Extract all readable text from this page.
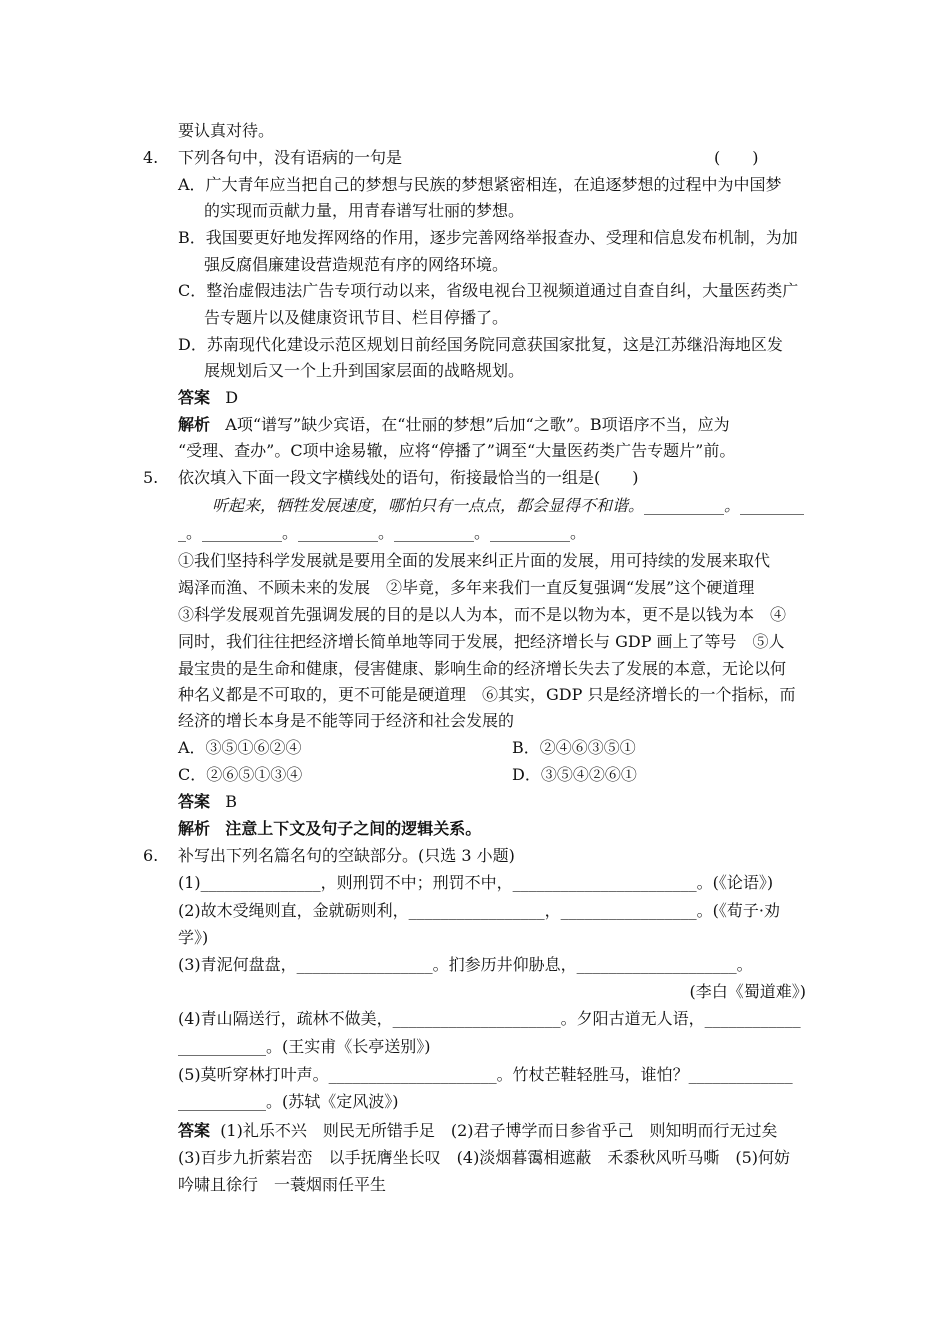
要认真对待。
4. 下列各句中，没有语病的一句是	(　　)
A．广大青年应当把自己的梦想与民族的梦想紧密相连，在追逐梦想的过程中为中国梦
的实现而贡献力量，用青春谱写壮丽的梦想。
B．我国要更好地发挥网络的作用，逐步完善网络举报查办、受理和信息发布机制，为加
强反腐倡廉建设营造规范有序的网络环境。
C．整治虚假违法广告专项行动以来，省级电视台卫视频道通过自查自纠，大量医药类广
告专题片以及健康资讯节目、栏目停播了。
D．苏南现代化建设示范区规划日前经国务院同意获国家批复，这是江苏继沿海地区发
展规划后又一个上升到国家层面的战略规划。
答案 D
解析 A项“谱写”缺少宾语，在“壮丽的梦想”后加“之歌”。B项语序不当，应为
“受理、查办”。C项中途易辙，应将“停播了”调至“大量医药类广告专题片”前。
5. 依次填入下面一段文字横线处的语句，衔接最恰当的一组是(　　)
听起来，牺牲发展速度，哪怕只有一点点，都会显得不和谐。__________。________
_。__________。__________。__________。__________。
①我们坚持科学发展就是要用全面的发展来纠正片面的发展，用可持续的发展来取代
竭泽而渔、不顾未来的发展　②毕竟，多年来我们一直反复强调“发展”这个硬道理
③科学发展观首先强调发展的目的是以人为本，而不是以物为本，更不是以钱为本　④
同时，我们往往把经济增长简单地等同于发展，把经济增长与 GDP 画上了等号　⑤人
最宝贵的是生命和健康，侵害健康、影响生命的经济增长失去了发展的本意，无论以何
种名义都是不可取的，更不可能是硬道理　⑥其实，GDP 只是经济增长的一个指标，而
经济的增长本身是不能等同于经济和社会发展的
A．③⑤①⑥②④	B．②④⑥③⑤①
C．②⑥⑤①③④	D．③⑤④②⑥①
答案 B
解析 注意上下文及句子之间的逻辑关系。
6. 补写出下列名篇名句的空缺部分。(只选 3 小题)
(1)_______________，则刑罚不中；刑罚不中，_______________________。(《论语》)
(2)故木受绳则直，金就砺则利，_________________，_________________。(《荀子·劝
学》)
(3)青泥何盘盘，_________________。扪参历井仰胁息，____________________。
(李白《蜀道难》)
(4)青山隔送行，疏林不做美，_____________________。夕阳古道无人语，____________
___________。(王实甫《长亭送别》)
(5)莫听穿林打叶声。_____________________。竹杖芒鞋轻胜马，谁怕？_____________
___________。(苏轼《定风波》)
答案 (1)礼乐不兴　则民无所错手足　(2)君子博学而日参省乎己　则知明而行无过矣
(3)百步九折萦岩峦　以手抚膺坐长叹　(4)淡烟暮霭相遮蔽　禾黍秋风听马嘶　(5)何妨
吟啸且徐行　一蓑烟雨任平生
